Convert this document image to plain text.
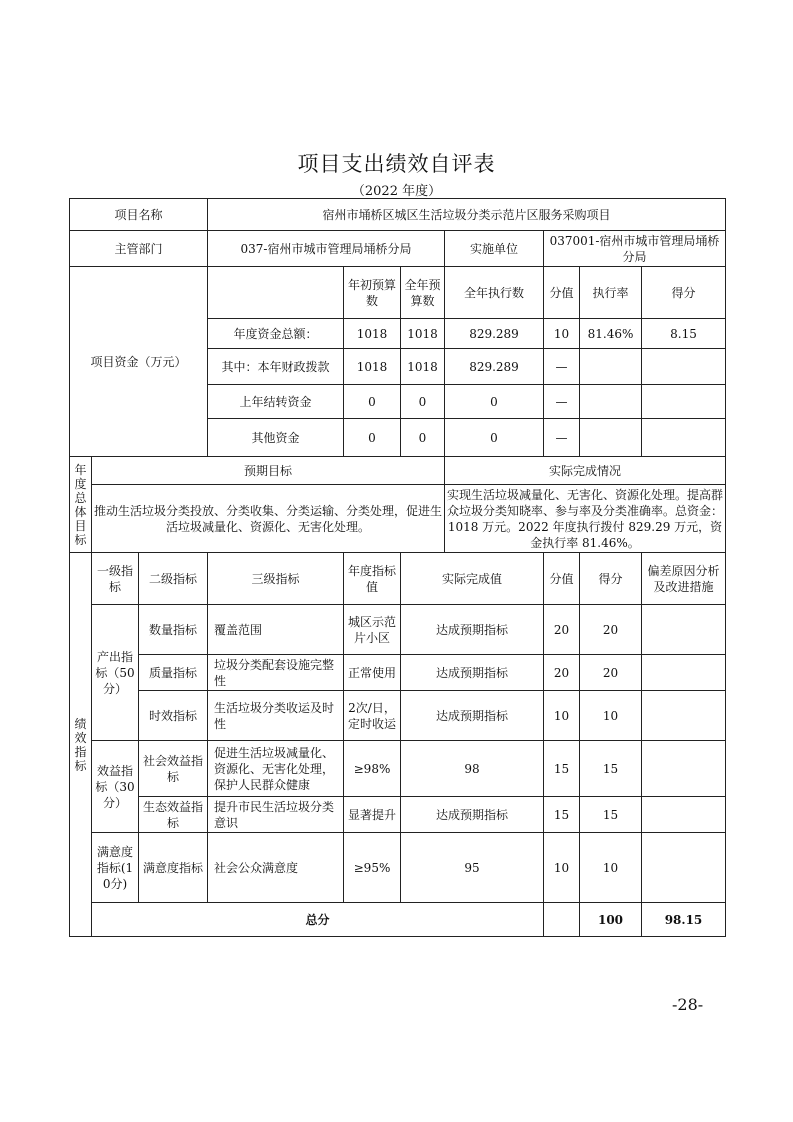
项目支出绩效自评表
（2022 年度）
项目名称			宿州市埇桥区城区生活垃圾分类示范片区服务采购项目							
主管部门			037-宿州市城市管理局埇桥分局			实施单位	037001-宿州市城市管理局埇桥分局			
项目资金（万元）				年初预算数	全年预算数	全年执行数	分值	执行率	得分	
			年度资金总额：	1018	1018	829.289	10	81.46%	8.15	
			其中：本年财政拨款	1018	1018	829.289	—			
			上年结转资金	0	0	0	—			
			其他资金	0	0	0	—			
年度总体目标	预期目标					实际完成情况				
	推动生活垃圾分类投放、分类收集、分类运输、分类处理，促进生活垃圾减量化、资源化、无害化处理。					实现生活垃圾减量化、无害化、资源化处理。提高群众垃圾分类知晓率、参与率及分类准确率。总资金：1018 万元。2022 年度执行拨付 829.29 万元，资金执行率 81.46%。				
绩效指标	一级指标	二级指标	三级指标	年度指标值	实际完成值		分值	得分	偏差原因分析及改进措施	
	产出指标（50分）	数量指标	覆盖范围	城区示范片小区	达成预期指标		20	20		
		质量指标	垃圾分类配套设施完整性	正常使用	达成预期指标		20	20		
		时效指标	生活垃圾分类收运及时性	2次/日，定时收运	达成预期指标		10	10		
	效益指标（30分）	社会效益指标	促进生活垃圾减量化、资源化、无害化处理，保护人民群众健康	≥98%	98		15	15		
		生态效益指标	提升市民生活垃圾分类意识	显著提升	达成预期指标		15	15		
	满意度指标(10分)	满意度指标	社会公众满意度	≥95%	95		10	10		
	总分							100	98.15	
-28-
